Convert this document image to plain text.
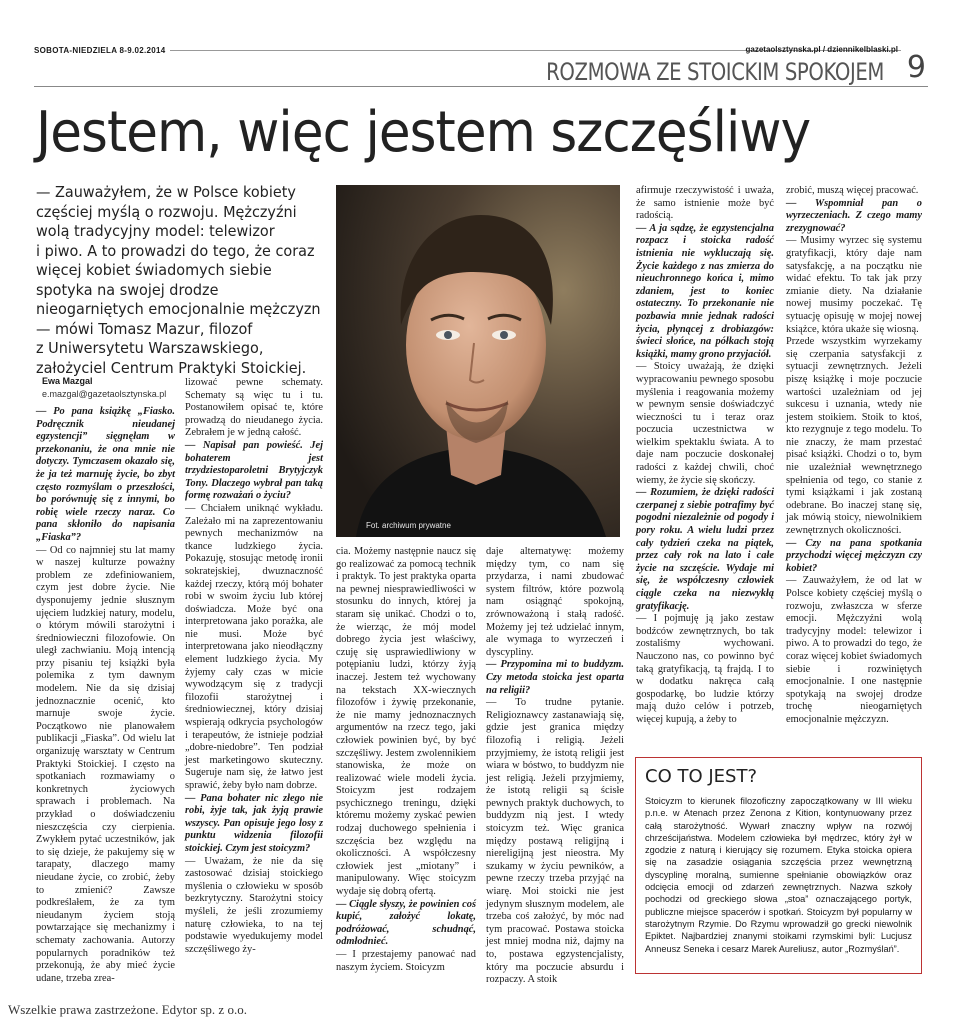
SOBOTA-NIEDZIELA 8-9.02.2014	gazetaolsztynska.pl / dziennikelblaski.pl
ROZMOWA ZE STOICKIM SPOKOJEM 9
Jestem, więc jestem szczęśliwy
— Zauważyłem, że w Polsce kobiety
częściej myślą o rozwoju. Mężczyźni
wolą tradycyjny model: telewizor
i piwo. A to prowadzi do tego, że coraz
więcej kobiet świadomych siebie
spotyka na swojej drodze
nieogarniętych emocjonalnie mężczyzn
— mówi Tomasz Mazur, filozof
z Uniwersytetu Warszawskiego,
założyciel Centrum Praktyki Stoickiej.
Ewa Mazgal
e.mazgal@gazetaolsztynska.pl
Fot. archiwum prywatne

— Po pana książkę „Fiasko. Podręcznik nieudanej egzystencji” sięgnęłam w przekonaniu, że ona mnie nie dotyczy. Tymczasem okazało się, że ja też marnuję życie, bo zbyt często rozmyślam o przeszłości, bo porównuję się z innymi, bo robię wiele rzeczy naraz. Co pana skłoniło do napisania „Fiaska”?

— Od co najmniej stu lat mamy w naszej kulturze poważny problem ze zdefiniowaniem, czym jest dobre życie. Nie dysponujemy jednie słusznym ujęciem ludzkiej natury, modelu, o którym mówili starożytni i średniowieczni filozofowie. On uległ zachwianiu. Moją intencją przy pisaniu tej książki była polemika z tym dawnym modelem. Nie da się dzisiaj jednoznacznie ocenić, kto marnuje swoje życie. Początkowo nie planowałem publikacji „Fiaska”. Od wielu lat organizuję warsztaty w Centrum Praktyki Stoickiej. I często na spotkaniach rozmawiamy o konkretnych życiowych sprawach i problemach. Na przykład o doświadczeniu nieszczęścia czy cierpienia. Zwykłem pytać uczestników, jak to się dzieje, że pakujemy się w tarapaty, dlaczego mamy nieudane życie, co zrobić, żeby to zmienić? Zawsze podkreślałem, że za tym nieudanym życiem stoją powtarzające się mechanizmy i schematy zachowania. Autorzy popularnych poradników też przekonują, że aby mieć życie udane, trzeba zrea-

lizować pewne schematy. Schematy są więc tu i tu. Postanowiłem opisać te, które prowadzą do nieudanego życia. Zebrałem je w jedną całość.

— Napisał pan powieść. Jej bohaterem jest trzydziestoparoletni Brytyjczyk Tony. Dlaczego wybrał pan taką formę rozważań o życiu?

— Chciałem uniknąć wykładu. Zależało mi na zaprezentowaniu pewnych mechanizmów na tkance ludzkiego życia. Pokazuję, stosując metodę ironii sokratejskiej, dwuznaczność każdej rzeczy, którą mój bohater robi w swoim życiu lub której doświadcza. Może być ona interpretowana jako porażka, ale nie musi. Może być interpretowana jako nieodłączny element ludzkiego życia. My żyjemy cały czas w micie wywodzącym się z tradycji filozofii starożytnej i średniowiecznej, który dzisiaj wspierają odkrycia psychologów i terapeutów, że istnieje podział „dobre-niedobre”. Ten podział jest marketingowo skuteczny. Sugeruje nam się, że łatwo jest sprawić, żeby było nam dobrze.

— Pana bohater nic złego nie robi, żyje tak, jak żyją prawie wszyscy. Pan opisuje jego losy z punktu widzenia filozofii stoickiej. Czym jest stoicyzm?

— Uważam, że nie da się zastosować dzisiaj stoickiego myślenia o człowieku w sposób bezkrytyczny. Starożytni stoicy myśleli, że jeśli zrozumiemy naturę człowieka, to na tej podstawie wyedukujemy model szczęśliwego ży-

cia. Możemy następnie naucz się go realizować za pomocą technik i praktyk. To jest praktyka oparta na pewnej niesprawiedliwości w stosunku do innych, której ja staram się unikać. Chodzi o to, że wierząc, że mój model dobrego życia jest właściwy, czuję się usprawiedliwiony w potępianiu ludzi, którzy żyją inaczej. Jestem też wychowany na tekstach XX-wiecznych filozofów i żywię przekonanie, że nie mamy jednoznacznych argumentów na rzecz tego, jaki człowiek powinien być, by być szczęśliwy. Jestem zwolennikiem stanowiska, że może on realizować wiele modeli życia. Stoicyzm jest rodzajem psychicznego treningu, dzięki któremu możemy zyskać pewien rodzaj duchowego spełnienia i szczęścia bez względu na okoliczności. A współczesny człowiek jest „miotany” i manipulowany. Więc stoicyzm wydaje się dobrą ofertą.

— Ciągle słyszy, że powinien coś kupić, założyć lokatę, podróżować, schudnąć, odmłodnieć.

— I przestajemy panować nad naszym życiem. Stoicyzm

daje alternatywę: możemy między tym, co nam się przydarza, i nami zbudować system filtrów, które pozwolą nam osiągnąć spokojną, zrównoważoną i stałą radość. Możemy jej też udzielać innym, ale wymaga to wyrzeczeń i dyscypliny.

— Przypomina mi to buddyzm. Czy metoda stoicka jest oparta na religii?

— To trudne pytanie. Religioznawcy zastanawiają się, gdzie jest granica między filozofią i religią. Jeżeli przyjmiemy, że istotą religii jest wiara w bóstwo, to buddyzm nie jest religią. Jeżeli przyjmiemy, że istotą religii są ścisłe pewnych praktyk duchowych, to buddyzm nią jest. I wtedy stoicyzm też. Więc granica między postawą religijną i niereligijną jest nieostra. My szukamy w życiu pewników, a pewne rzeczy trzeba przyjąć na wiarę. Moi stoicki nie jest jedynym słusznym modelem, ale trzeba coś założyć, by móc nad tym pracować. Postawa stoicka jest mniej modna niż, dajmy na to, postawa egzystencjalisty, który ma poczucie absurdu i rozpaczy. A stoik

afirmuje rzeczywistość i uważa, że samo istnienie może być radością.

— A ja sądzę, że egzystencjalna rozpacz i stoicka radość istnienia nie wykluczają się. Życie każdego z nas zmierza do nieuchronnego końca i, mimo zdaniem, jest to koniec ostateczny. To przekonanie nie pozbawia mnie jednak radości życia, płynącej z drobiazgów: świeci słońce, na półkach stoją książki, mamy grono przyjaciół.

— Stoicy uważają, że dzięki wypracowaniu pewnego sposobu myślenia i reagowania możemy w pewnym sensie doświadczyć wieczności tu i teraz oraz poczucia uczestnictwa w wielkim spektaklu świata. A to daje nam poczucie doskonałej radości z każdej chwili, choć wiemy, że życie się skończy.

— Rozumiem, że dzięki radości czerpanej z siebie potrafimy być pogodni niezależnie od pogody i pory roku. A wielu ludzi przez cały tydzień czeka na piątek, przez cały rok na lato i całe życie na szczęście. Wydaje mi się, że współczesny człowiek ciągle czeka na niezwykłą gratyfikację.

— I pojmuję ją jako zestaw bodźców zewnętrznych, bo tak zostaliśmy wychowani. Nauczono nas, co powinno być taką gratyfikacją, tą frajdą. I to w dodatku nakręca całą gospodarkę, bo ludzie którzy mają dużo celów i potrzeb, więcej kupują, a żeby to

zrobić, muszą więcej pracować.

— Wspomniał pan o wyrzeczeniach. Z czego mamy zrezygnować?

— Musimy wyrzec się systemu gratyfikacji, który daje nam satysfakcję, a na początku nie widać efektu. To tak jak przy zmianie diety. Na działanie nowej musimy poczekać. Tę sytuację opisuję w mojej nowej książce, która ukaże się wiosną.

Przede wszystkim wyrzekamy się czerpania satysfakcji z sytuacji zewnętrznych. Jeżeli piszę książkę i moje poczucie wartości uzależniam od jej sukcesu i uznania, wtedy nie jestem stoikiem. Stoik to ktoś, kto rezygnuje z tego modelu. To nie znaczy, że mam przestać pisać książki. Chodzi o to, bym nie uzależniał wewnętrznego spełnienia od tego, co stanie z tymi książkami i jak zostaną odebrane. Bo inaczej stanę się, jak mówią stoicy, niewolnikiem zewnętrznych okoliczności.

— Czy na pana spotkania przychodzi więcej mężczyzn czy kobiet?

— Zauważyłem, że od lat w Polsce kobiety częściej myślą o rozwoju, zwłaszcza w sferze emocji. Mężczyźni wolą tradycyjny model: telewizor i piwo. A to prowadzi do tego, że coraz więcej kobiet świadomych siebie i rozwiniętych emocjonalnie. I one następnie spotykają na swojej drodze trochę nieogarniętych emocjonalnie mężczyzn.

CO TO JEST?
Stoicyzm to kierunek filozoficzny zapoczątkowany w III wieku p.n.e. w Atenach przez Zenona z Kition, kontynuowany przez całą starożytność. Wywarł znaczny wpływ na rozwój chrześcijaństwa. Modelem człowieka był mędrzec, który żył w zgodzie z naturą i kierujący się rozumem. Etyka stoicka opiera się na zasadzie osiągania szczęścia przez wewnętrzną dyscyplinę moralną, sumienne spełnianie obowiązków oraz odcięcia emocji od zdarzeń zewnętrznych. Nazwa szkoły pochodzi od greckiego słowa „stoa” oznaczającego portyk, publiczne miejsce spacerów i spotkań. Stoicyzm był popularny w starożytnym Rzymie. Do Rzymu wprowadził go grecki niewolnik Epiktet. Najbardziej znanymi stoikami rzymskimi byli: Lucjusz Anneusz Seneka i cesarz Marek Aureliusz, autor „Rozmyślań”.
Wszelkie prawa zastrzeżone. Edytor sp. z o.o.
